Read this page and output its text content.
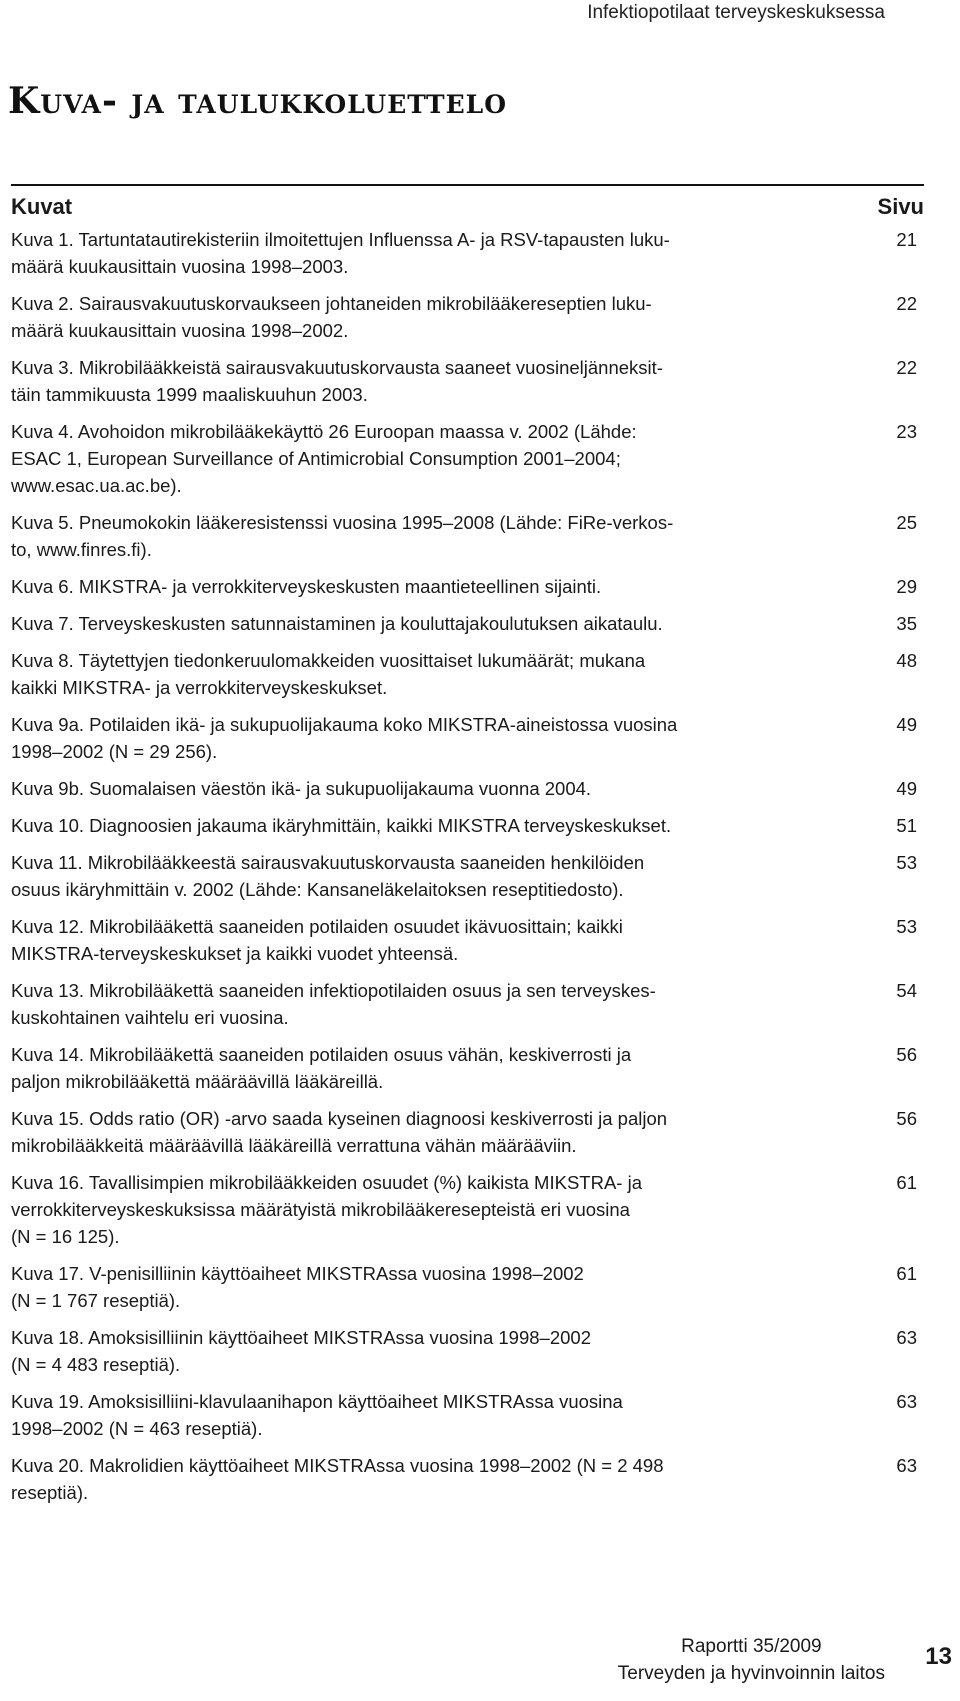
Infektiopotilaat terveyskeskuksessa
Kuva- ja taulukkoluettelo
Kuvat	Sivu
Kuva 1. Tartuntatautirekisteriin ilmoitettujen Influenssa A- ja RSV-tapausten luku-
määrä kuukausittain vuosina 1998–2003.
21
Kuva 2. Sairausvakuutuskorvaukseen johtaneiden mikrobilääkereseptien luku-
määrä kuukausittain vuosina 1998–2002.
22
Kuva 3. Mikrobilääkkeistä sairausvakuutuskorvausta saaneet vuosineljänneksit-
täin tammikuusta 1999 maaliskuuhun 2003.
22
Kuva 4. Avohoidon mikrobilääkekäyttö 26 Euroopan maassa v. 2002 (Lähde:
ESAC 1, European Surveillance of Antimicrobial Consumption 2001–2004;
www.esac.ua.ac.be).
23
Kuva 5. Pneumokokin lääkeresistenssi vuosina 1995–2008 (Lähde: FiRe-verkos-
to, www.finres.fi).
25
Kuva 6. MIKSTRA- ja verrokkiterveyskeskusten maantieteellinen sijainti.	29
Kuva 7. Terveyskeskusten satunnaistaminen ja kouluttajakoulutuksen aikataulu.	35
Kuva 8. Täytettyjen tiedonkeruulomakkeiden vuosittaiset lukumäärät; mukana
kaikki MIKSTRA- ja verrokkiterveyskeskukset.
48
Kuva 9a. Potilaiden ikä- ja sukupuolijakauma koko MIKSTRA-aineistossa vuosina
1998–2002 (N = 29 256).
49
Kuva 9b. Suomalaisen väestön ikä- ja sukupuolijakauma vuonna 2004.	49
Kuva 10. Diagnoosien jakauma ikäryhmittäin, kaikki MIKSTRA terveyskeskukset.	51
Kuva 11. Mikrobilääkkeestä sairausvakuutuskorvausta saaneiden henkilöiden
osuus ikäryhmittäin v. 2002 (Lähde: Kansaneläkelaitoksen reseptitiedosto).
53
Kuva 12. Mikrobilääkettä saaneiden potilaiden osuudet ikävuosittain; kaikki
MIKSTRA-terveyskeskukset ja kaikki vuodet yhteensä.
53
Kuva 13. Mikrobilääkettä saaneiden infektiopotilaiden osuus ja sen terveyskes-
kuskohtainen vaihtelu eri vuosina.
54
Kuva 14. Mikrobilääkettä saaneiden potilaiden osuus vähän, keskiverrosti ja
paljon mikrobilääkettä määräävillä lääkäreillä.
56
Kuva 15. Odds ratio (OR) -arvo saada kyseinen diagnoosi keskiverrosti ja paljon
mikrobilääkkeitä määräävillä lääkäreillä verrattuna vähän määrääviin.
56
Kuva 16. Tavallisimpien mikrobilääkkeiden osuudet (%) kaikista MIKSTRA- ja
verrokkiterveyskeskuksissa määrätyistä mikrobilääkeresepteistä eri vuosina
(N = 16 125).
61
Kuva 17. V-penisilliinin käyttöaiheet MIKSTRAssa vuosina 1998–2002
(N = 1 767 reseptiä).
61
Kuva 18. Amoksisilliinin käyttöaiheet MIKSTRAssa vuosina 1998–2002
(N = 4 483 reseptiä).
63
Kuva 19. Amoksisilliini-klavulaanihapon käyttöaiheet MIKSTRAssa vuosina
1998–2002 (N = 463 reseptiä).
63
Kuva 20. Makrolidien käyttöaiheet MIKSTRAssa vuosina 1998–2002 (N = 2 498
reseptiä).
63
Raportti 35/2009
Terveyden ja hyvinvoinnin laitos
13
